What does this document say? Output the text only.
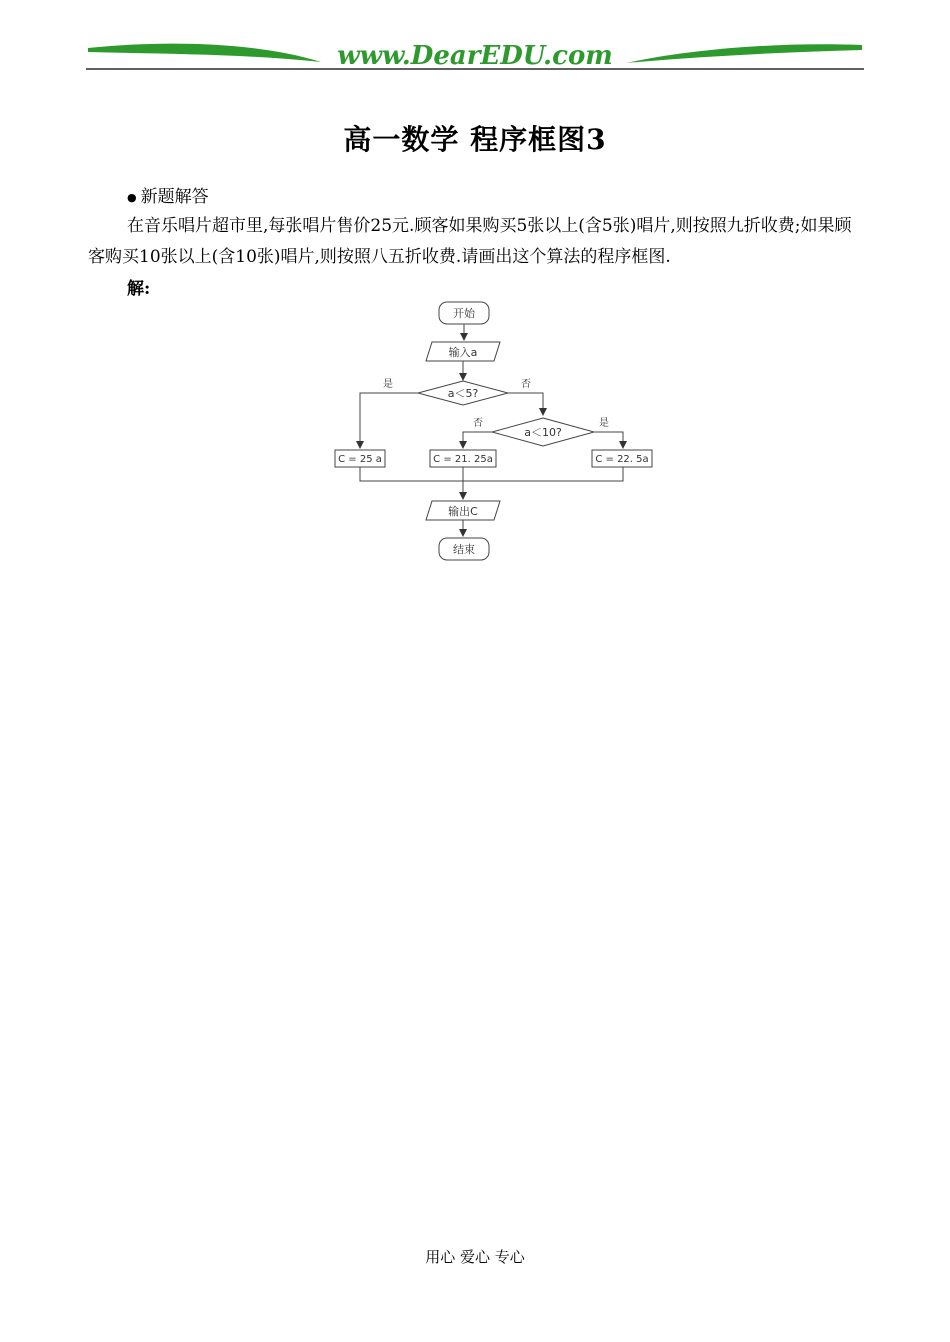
www.DearEDU.com
高一数学 程序框图3
● 新题解答
在音乐唱片超市里,每张唱片售价25元.顾客如果购买5张以上(含5张)唱片,则按照九折收费;如果顾客购买10张以上(含10张)唱片,则按照八五折收费.请画出这个算法的程序框图.
解:
开始
输入a
a＜5?
是	否
a＜10?
否	是
C = 25 a	C = 21. 25a	C = 22. 5a
输出C
结束
用心 爱心 专心
